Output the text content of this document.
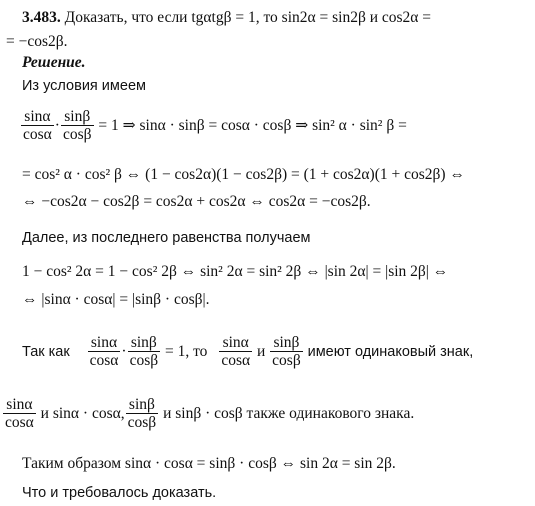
3.483. Доказать, что если tgαtgβ = 1, то sin2α = sin2β и cos2α =
= −cos2β.
Решение.
Из условия имеем
$\frac{\sin\alpha}{\cos\alpha} \cdot \frac{\sin\beta}{\cos\beta} = 1$ ⇒ sinα · sinβ = cosα · cosβ ⇒ sin² α · sin² β =
= cos² α · cos² β ⇔ (1 − cos2α)(1 − cos2β) = (1 + cos2α)(1 + cos2β) ⇔
⇔ −cos2α − cos2β = cos2α + cos2α ⇔ cos2α = −cos2β.
Далее, из последнего равенства получаем
1 − cos² 2α = 1 − cos² 2β ⇔ sin² 2α = sin² 2β ⇔ |sin 2α| = |sin 2β| ⇔
⇔ |sinα · cosα| = |sinβ · cosβ|.
Так как $\frac{\sin\alpha}{\cos\alpha} \cdot \frac{\sin\beta}{\cos\beta} = 1$, то $\frac{\sin\alpha}{\cos\alpha}$ и $\frac{\sin\beta}{\cos\beta}$ имеют одинаковый знак,
$\frac{\sin\alpha}{\cos\alpha}$ и sinα · cosα, $\frac{\sin\beta}{\cos\beta}$ и sinβ · cosβ также одинакового знака.
Таким образом sinα · cosα = sinβ · cosβ ⇔ sin 2α = sin 2β.
Что и требовалось доказать.
